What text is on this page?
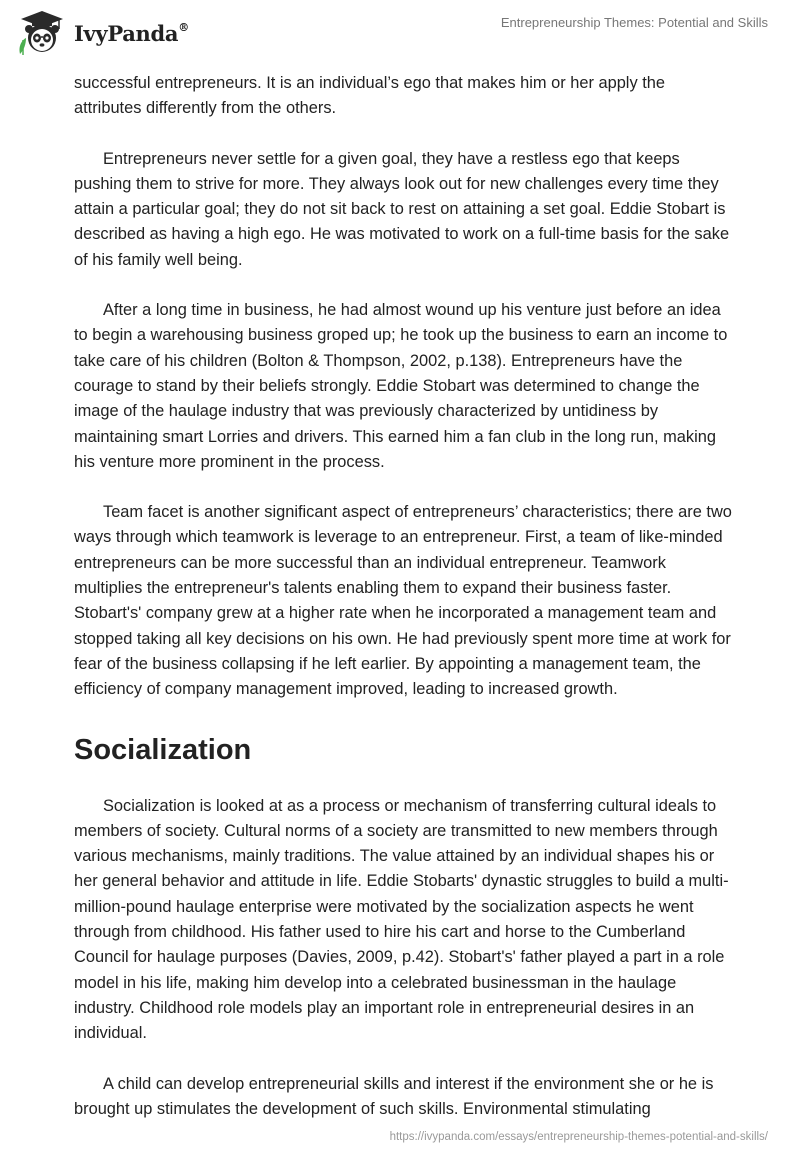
IvyPanda®	Entrepreneurship Themes: Potential and Skills

successful entrepreneurs. It is an individual’s ego that makes him or her apply the attributes differently from the others.

Entrepreneurs never settle for a given goal, they have a restless ego that keeps pushing them to strive for more. They always look out for new challenges every time they attain a particular goal; they do not sit back to rest on attaining a set goal. Eddie Stobart is described as having a high ego. He was motivated to work on a full-time basis for the sake of his family well being.

After a long time in business, he had almost wound up his venture just before an idea to begin a warehousing business groped up; he took up the business to earn an income to take care of his children (Bolton & Thompson, 2002, p.138). Entrepreneurs have the courage to stand by their beliefs strongly. Eddie Stobart was determined to change the image of the haulage industry that was previously characterized by untidiness by maintaining smart Lorries and drivers. This earned him a fan club in the long run, making his venture more prominent in the process.

Team facet is another significant aspect of entrepreneurs’ characteristics; there are two ways through which teamwork is leverage to an entrepreneur. First, a team of like-minded entrepreneurs can be more successful than an individual entrepreneur. Teamwork multiplies the entrepreneur's talents enabling them to expand their business faster. Stobart's' company grew at a higher rate when he incorporated a management team and stopped taking all key decisions on his own. He had previously spent more time at work for fear of the business collapsing if he left earlier. By appointing a management team, the efficiency of company management improved, leading to increased growth.

Socialization

Socialization is looked at as a process or mechanism of transferring cultural ideals to members of society. Cultural norms of a society are transmitted to new members through various mechanisms, mainly traditions. The value attained by an individual shapes his or her general behavior and attitude in life. Eddie Stobarts' dynastic struggles to build a multi-million-pound haulage enterprise were motivated by the socialization aspects he went through from childhood. His father used to hire his cart and horse to the Cumberland Council for haulage purposes (Davies, 2009, p.42). Stobart's' father played a part in a role model in his life, making him develop into a celebrated businessman in the haulage industry. Childhood role models play an important role in entrepreneurial desires in an individual.

A child can develop entrepreneurial skills and interest if the environment she or he is brought up stimulates the development of such skills. Environmental stimulating

https://ivypanda.com/essays/entrepreneurship-themes-potential-and-skills/
